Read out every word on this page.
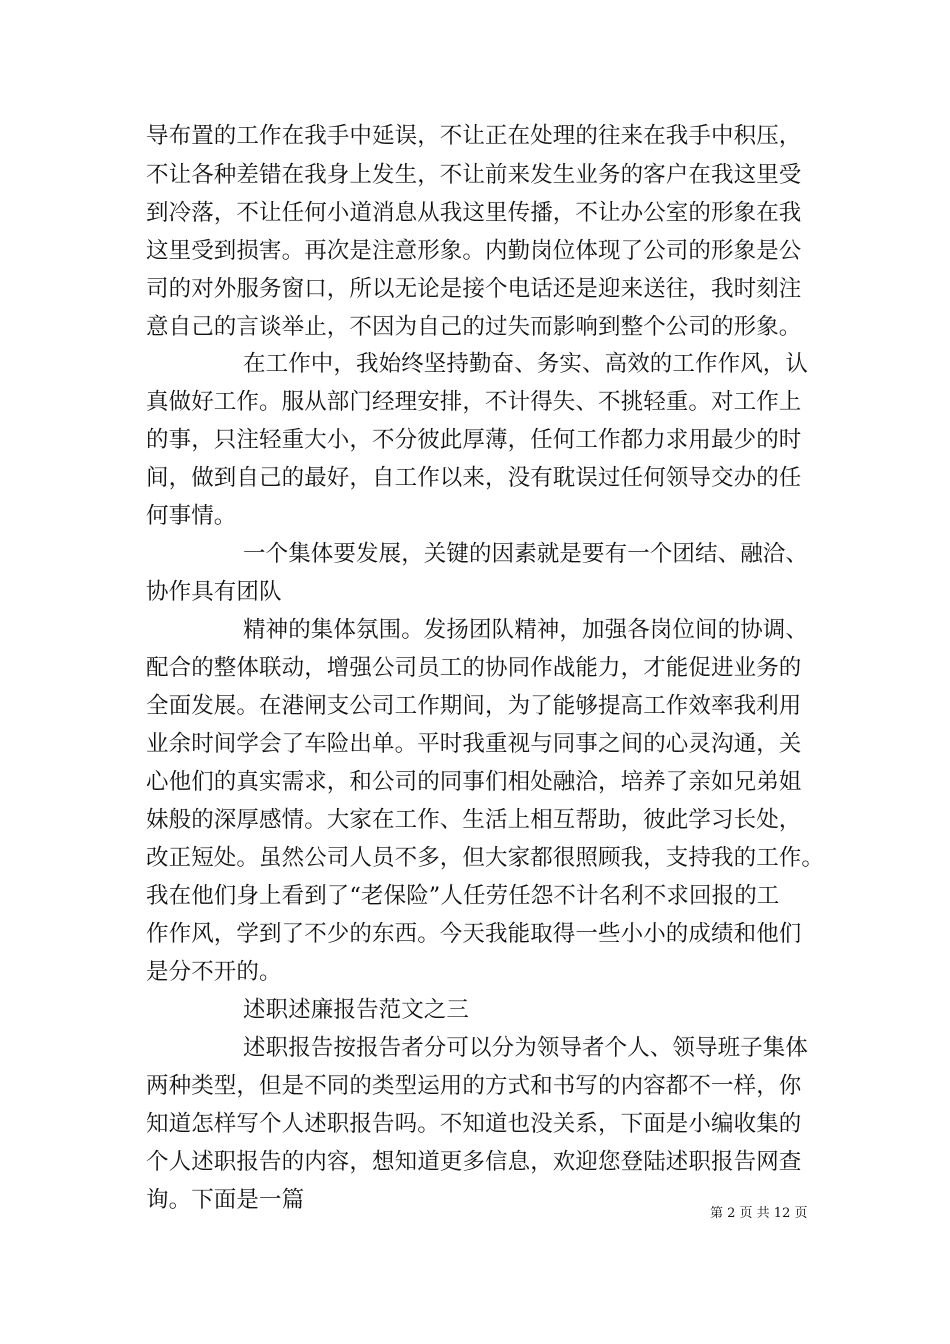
导布置的工作在我手中延误，不让正在处理的往来在我手中积压，
不让各种差错在我身上发生，不让前来发生业务的客户在我这里受
到冷落，不让任何小道消息从我这里传播，不让办公室的形象在我
这里受到损害。再次是注意形象。内勤岗位体现了公司的形象是公
司的对外服务窗口，所以无论是接个电话还是迎来送往，我时刻注
意自己的言谈举止，不因为自己的过失而影响到整个公司的形象。
在工作中，我始终坚持勤奋、务实、高效的工作作风，认
真做好工作。服从部门经理安排，不计得失、不挑轻重。对工作上
的事，只注轻重大小，不分彼此厚薄，任何工作都力求用最少的时
间，做到自己的最好，自工作以来，没有耽误过任何领导交办的任
何事情。
一个集体要发展，关键的因素就是要有一个团结、融洽、
协作具有团队
精神的集体氛围。发扬团队精神，加强各岗位间的协调、
配合的整体联动，增强公司员工的协同作战能力，才能促进业务的
全面发展。在港闸支公司工作期间，为了能够提高工作效率我利用
业余时间学会了车险出单。平时我重视与同事之间的心灵沟通，关
心他们的真实需求，和公司的同事们相处融洽，培养了亲如兄弟姐
妹般的深厚感情。大家在工作、生活上相互帮助，彼此学习长处，
改正短处。虽然公司人员不多，但大家都很照顾我，支持我的工作。
我在他们身上看到了“老保险”人任劳任怨不计名利不求回报的工
作作风，学到了不少的东西。今天我能取得一些小小的成绩和他们
是分不开的。
述职述廉报告范文之三
述职报告按报告者分可以分为领导者个人、领导班子集体
两种类型，但是不同的类型运用的方式和书写的内容都不一样，你
知道怎样写个人述职报告吗。不知道也没关系，下面是小编收集的
个人述职报告的内容，想知道更多信息，欢迎您登陆述职报告网查
询。下面是一篇
第 2 页 共 12 页
